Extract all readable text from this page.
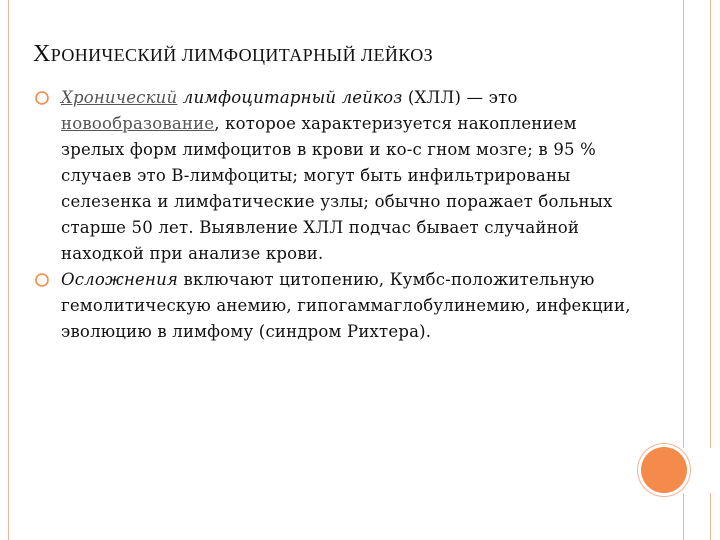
ХРОНИЧЕСКИЙ ЛИМФОЦИТАРНЫЙ ЛЕЙКОЗ
Хронический лимфоцитарный лейкоз (ХЛЛ) — это новообразование, которое характеризуется накоплением зрелых форм лимфоцитов в крови и ко-с гном мозге; в 95 % случаев это В-лимфоциты; могут быть инфильтрированы селезенка и лимфатические узлы; обычно поражает больных старше 50 лет. Выявление ХЛЛ подчас бывает случайной находкой при анализе крови.
Осложнения включают цитопению, Кумбс-положительную гемолитическую анемию, гипогаммаглобулинемию, инфекции, эволюцию в лимфому (синдром Рихтера).
